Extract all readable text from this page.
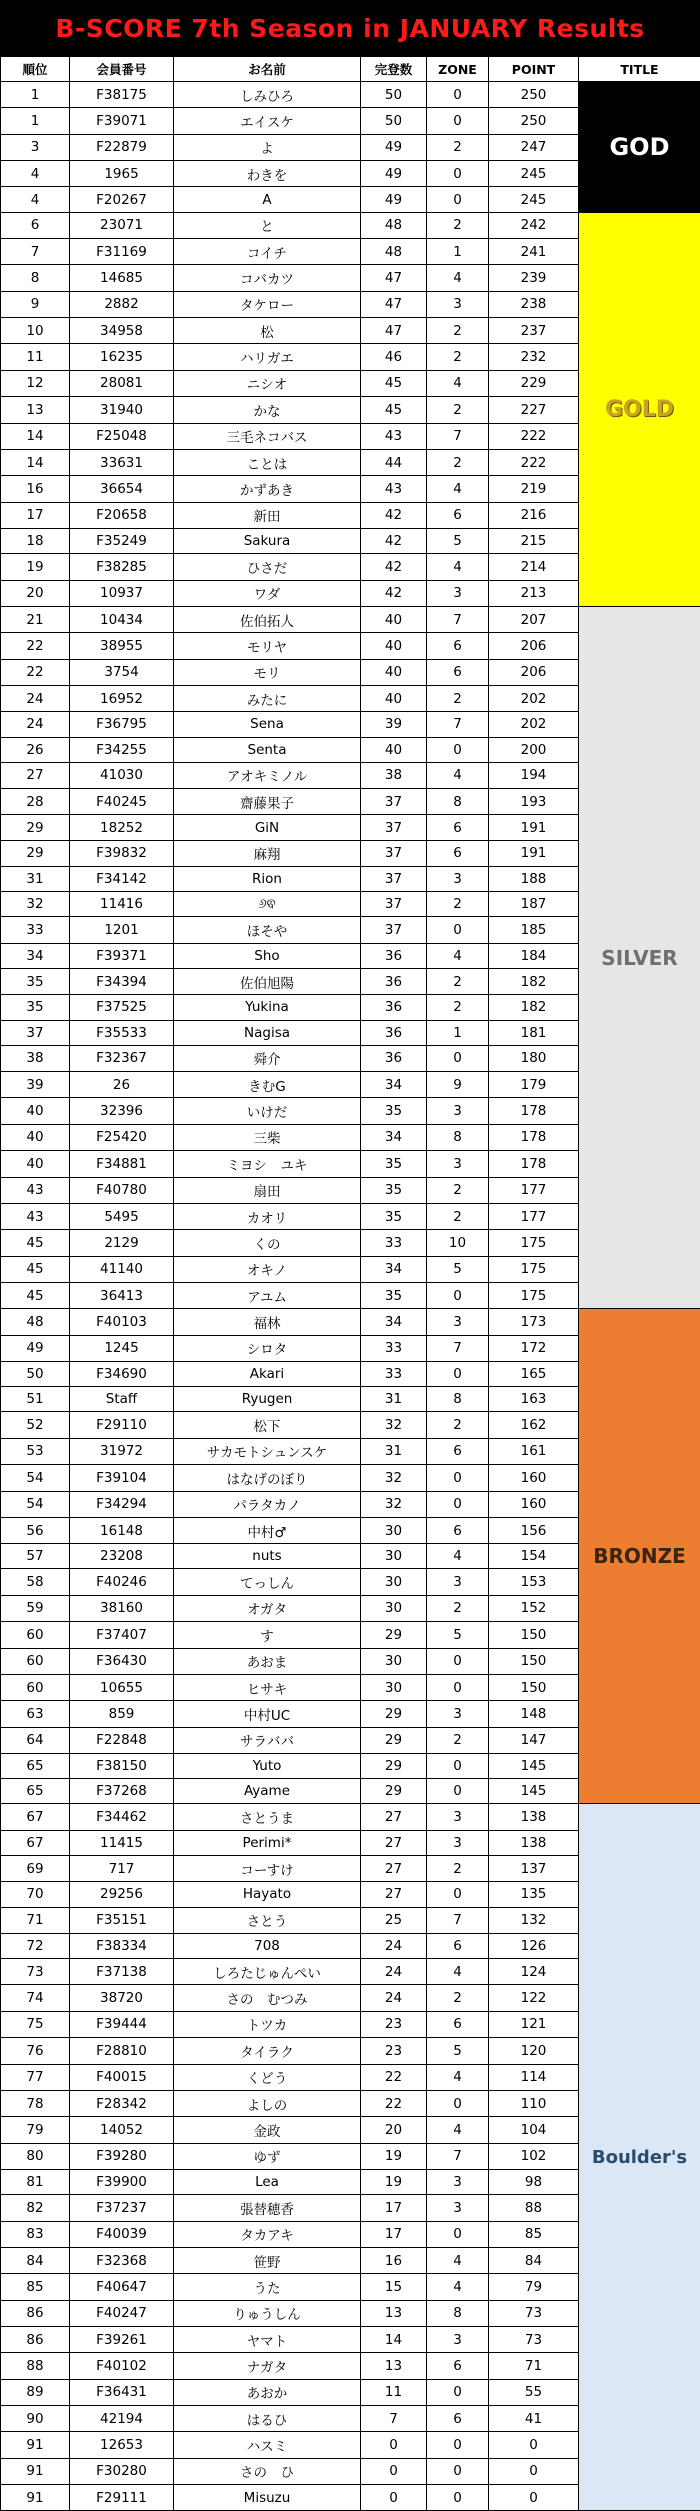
B-SCORE 7th Season in JANUARY Results
順位	会員番号	お名前	完登数	ZONE	POINT	TITLE
1	F38175	しみひろ	50	0	250	GOD
1	F39071	エイスケ	50	0	250	
3	F22879	よ	49	2	247	
4	1965	わきを	49	0	245	
4	F20267	A	49	0	245	
6	23071	と	48	2	242	GOLD
7	F31169	コイチ	48	1	241	
8	14685	コバカツ	47	4	239	
9	2882	タケロー	47	3	238	
10	34958	松	47	2	237	
11	16235	ハリガエ	46	2	232	
12	28081	ニシオ	45	4	229	
13	31940	かな	45	2	227	
14	F25048	三毛ネコバス	43	7	222	
14	33631	ことは	44	2	222	
16	36654	かずあき	43	4	219	
17	F20658	新田	42	6	216	
18	F35249	Sakura	42	5	215	
19	F38285	ひさだ	42	4	214	
20	10937	ワダ	42	3	213	
21	10434	佐伯拓人	40	7	207	SILVER
22	38955	モリヤ	40	6	206	
22	3754	モリ	40	6	206	
24	16952	みたに	40	2	202	
24	F36795	Sena	39	7	202	
26	F34255	Senta	40	0	200	
27	41030	アオキミノル	38	4	194	
28	F40245	齋藤果子	37	8	193	
29	18252	GiN	37	6	191	
29	F39832	麻翔	37	6	191	
31	F34142	Rion	37	3	188	
32	11416	୬ଵ	37	2	187	
33	1201	ほそや	37	0	185	
34	F39371	Sho	36	4	184	
35	F34394	佐伯旭陽	36	2	182	
35	F37525	Yukina	36	2	182	
37	F35533	Nagisa	36	1	181	
38	F32367	舜介	36	0	180	
39	26	きむG	34	9	179	
40	32396	いけだ	35	3	178	
40	F25420	三柴	34	8	178	
40	F34881	ミヨシ　ユキ	35	3	178	
43	F40780	扇田	35	2	177	
43	5495	カオリ	35	2	177	
45	2129	くの	33	10	175	
45	41140	オキノ	34	5	175	
45	36413	アユム	35	0	175	
48	F40103	福林	34	3	173	BRONZE
49	1245	シロタ	33	7	172	
50	F34690	Akari	33	0	165	
51	Staff	Ryugen	31	8	163	
52	F29110	松下	32	2	162	
53	31972	サカモトシュンスケ	31	6	161	
54	F39104	はなげのぼり	32	0	160	
54	F34294	パラタカノ	32	0	160	
56	16148	中村♂	30	6	156	
57	23208	nuts	30	4	154	
58	F40246	てっしん	30	3	153	
59	38160	オガタ	30	2	152	
60	F37407	す	29	5	150	
60	F36430	あおま	30	0	150	
60	10655	ヒサキ	30	0	150	
63	859	中村UC	29	3	148	
64	F22848	サラババ	29	2	147	
65	F38150	Yuto	29	0	145	
65	F37268	Ayame	29	0	145	
67	F34462	さとうま	27	3	138	Boulder's
67	11415	Perimi*	27	3	138	
69	717	コーすけ	27	2	137	
70	29256	Hayato	27	0	135	
71	F35151	さとう	25	7	132	
72	F38334	708	24	6	126	
73	F37138	しろたじゅんぺい	24	4	124	
74	38720	さの　むつみ	24	2	122	
75	F39444	トツカ	23	6	121	
76	F28810	タイラク	23	5	120	
77	F40015	くどう	22	4	114	
78	F28342	よしの	22	0	110	
79	14052	金政	20	4	104	
80	F39280	ゆず	19	7	102	
81	F39900	Lea	19	3	98	
82	F37237	張替穂香	17	3	88	
83	F40039	タカアキ	17	0	85	
84	F32368	笹野	16	4	84	
85	F40647	うた	15	4	79	
86	F40247	りゅうしん	13	8	73	
86	F39261	ヤマト	14	3	73	
88	F40102	ナガタ	13	6	71	
89	F36431	あおか	11	0	55	
90	42194	はるひ	7	6	41	
91	12653	ハスミ	0	0	0	
91	F30280	さの　ひ	0	0	0	
91	F29111	Misuzu	0	0	0	
